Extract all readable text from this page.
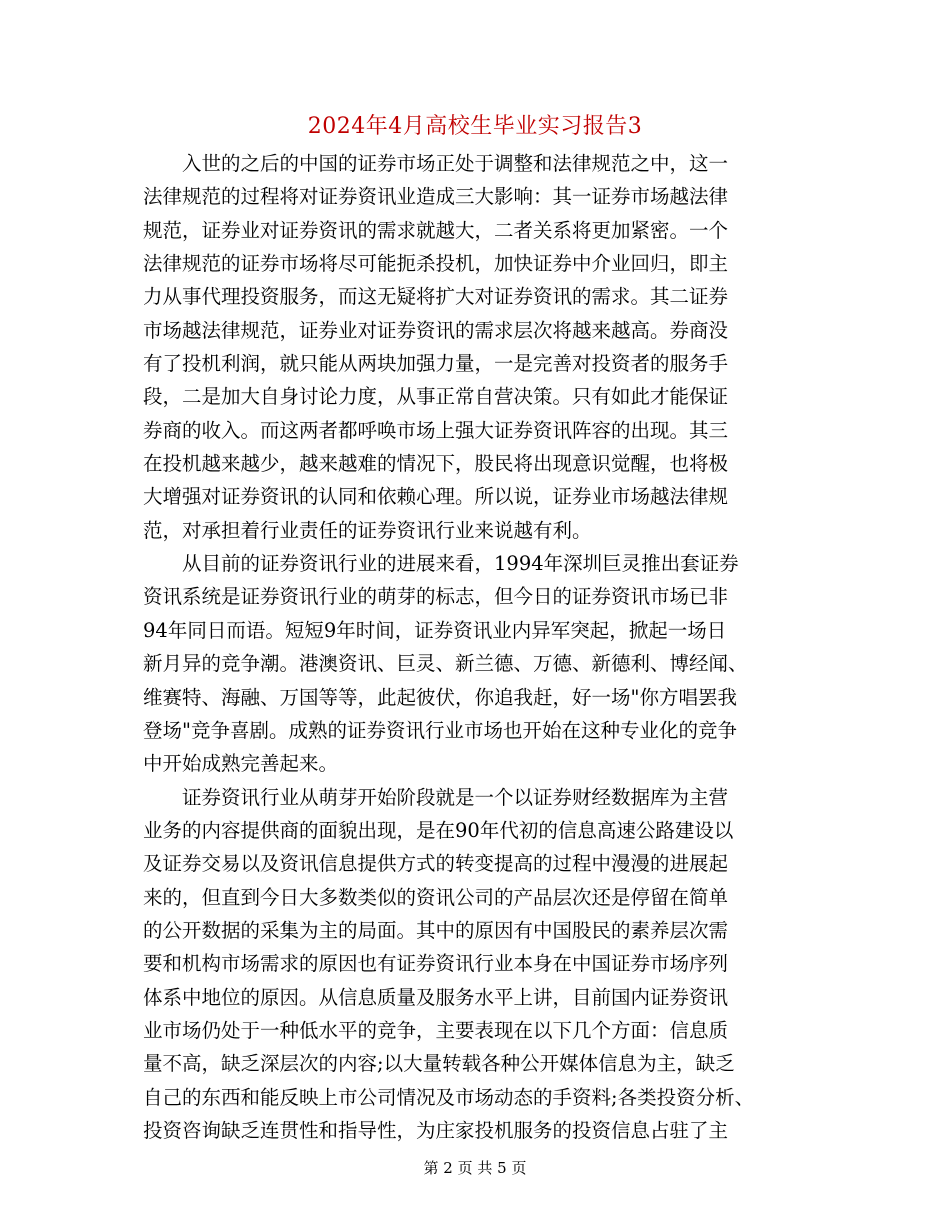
2024年4月高校生毕业实习报告3
入世的之后的中国的证券市场正处于调整和法律规范之中，这一
法律规范的过程将对证券资讯业造成三大影响：其一证券市场越法律
规范，证券业对证券资讯的需求就越大，二者关系将更加紧密。一个
法律规范的证券市场将尽可能扼杀投机，加快证券中介业回归，即主
力从事代理投资服务，而这无疑将扩大对证券资讯的需求。其二证券
市场越法律规范，证券业对证券资讯的需求层次将越来越高。券商没
有了投机利润，就只能从两块加强力量，一是完善对投资者的服务手
段，二是加大自身讨论力度，从事正常自营决策。只有如此才能保证
券商的收入。而这两者都呼唤市场上强大证券资讯阵容的出现。其三
在投机越来越少，越来越难的情况下，股民将出现意识觉醒，也将极
大增强对证券资讯的认同和依赖心理。所以说，证券业市场越法律规
范，对承担着行业责任的证券资讯行业来说越有利。
从目前的证券资讯行业的进展来看，1994年深圳巨灵推出套证券
资讯系统是证券资讯行业的萌芽的标志，但今日的证券资讯市场已非
94年同日而语。短短9年时间，证券资讯业内异军突起，掀起一场日
新月异的竞争潮。港澳资讯、巨灵、新兰德、万德、新德利、博经闻、
维赛特、海融、万国等等，此起彼伏，你追我赶，好一场"你方唱罢我
登场"竞争喜剧。成熟的证券资讯行业市场也开始在这种专业化的竞争
中开始成熟完善起来。
证券资讯行业从萌芽开始阶段就是一个以证券财经数据库为主营
业务的内容提供商的面貌出现，是在90年代初的信息高速公路建设以
及证券交易以及资讯信息提供方式的转变提高的过程中漫漫的进展起
来的，但直到今日大多数类似的资讯公司的产品层次还是停留在简单
的公开数据的采集为主的局面。其中的原因有中国股民的素养层次需
要和机构市场需求的原因也有证券资讯行业本身在中国证券市场序列
体系中地位的原因。从信息质量及服务水平上讲，目前国内证券资讯
业市场仍处于一种低水平的竞争，主要表现在以下几个方面：信息质
量不高，缺乏深层次的内容;以大量转载各种公开媒体信息为主，缺乏
自己的东西和能反映上市公司情况及市场动态的手资料;各类投资分析、
投资咨询缺乏连贯性和指导性，为庄家投机服务的投资信息占驻了主
第 2 页 共 5 页
